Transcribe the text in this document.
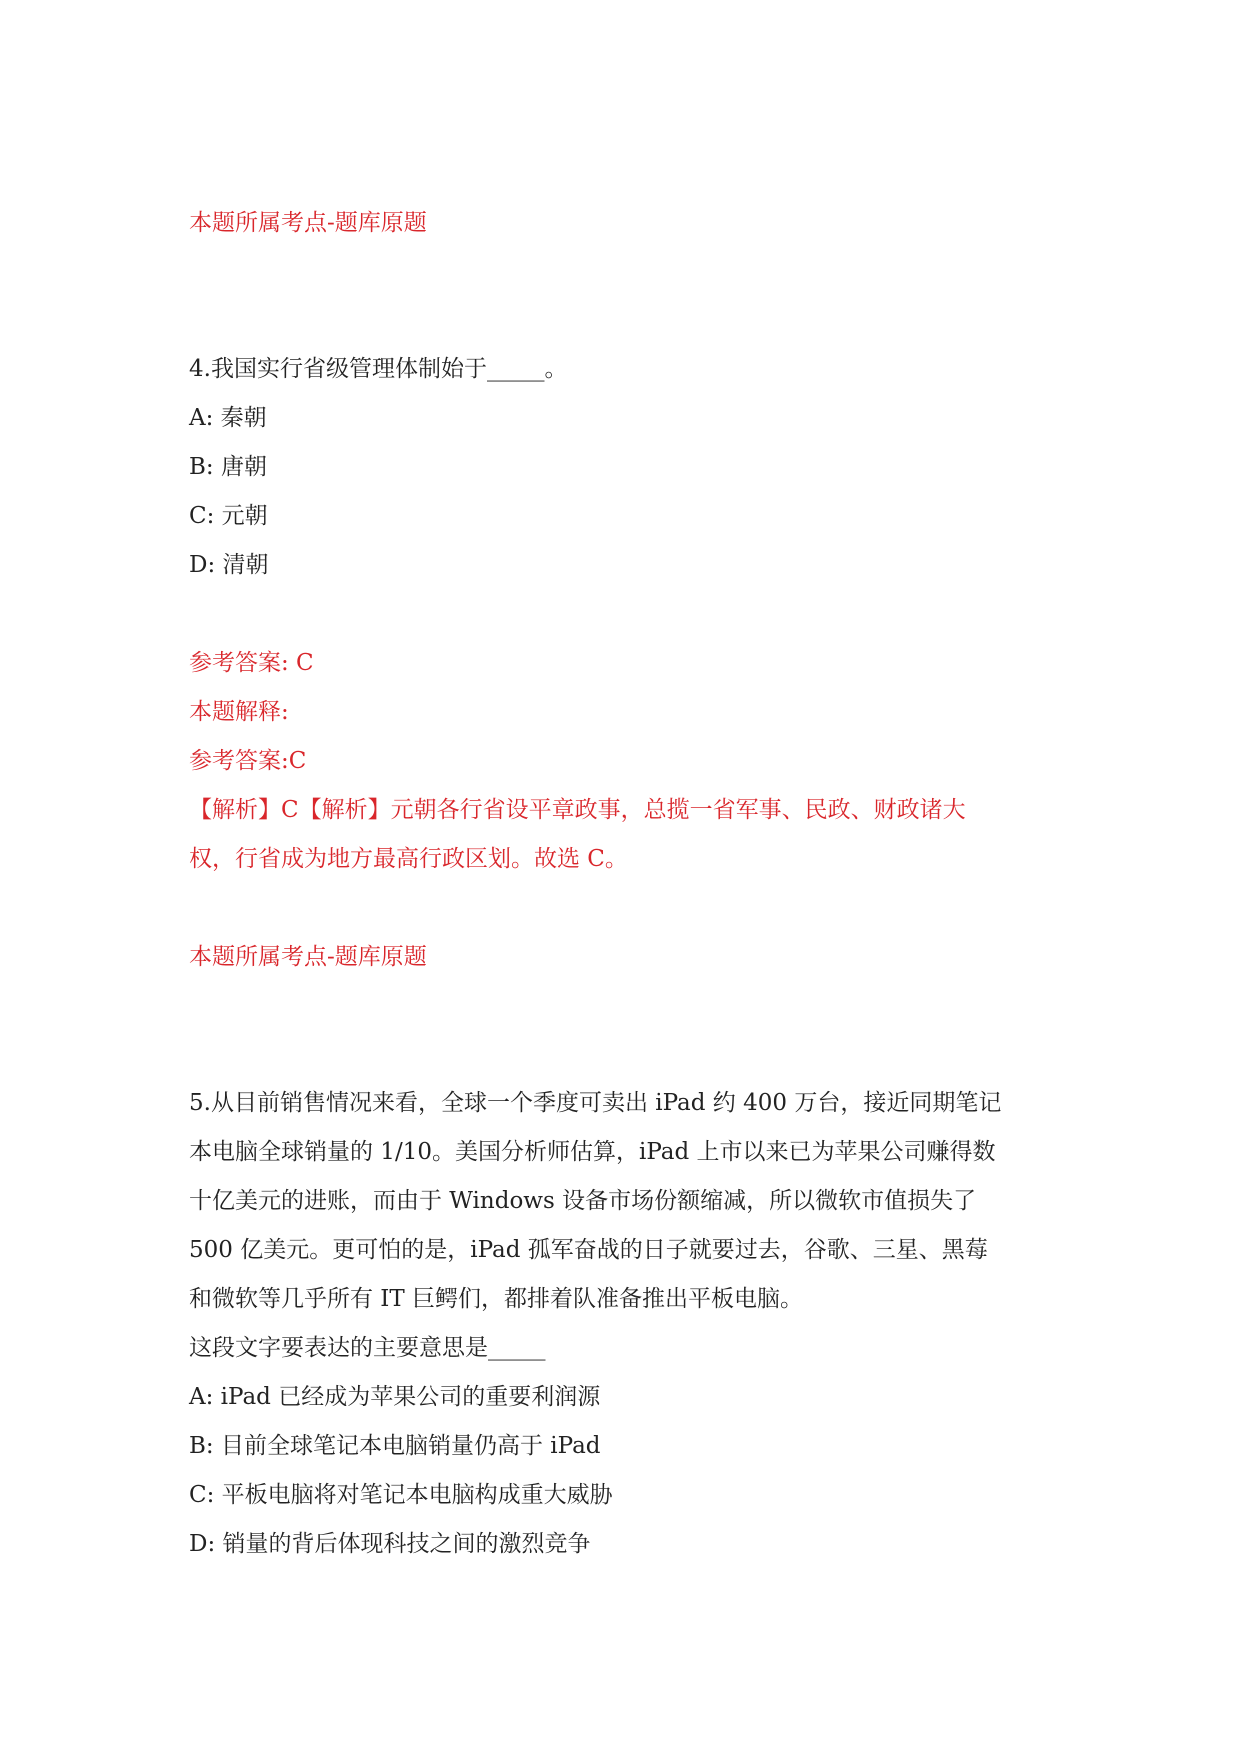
本题所属考点-题库原题
4.我国实行省级管理体制始于_____。
A: 秦朝
B: 唐朝
C: 元朝
D: 清朝
参考答案: C
本题解释:
参考答案:C
【解析】C【解析】元朝各行省设平章政事，总揽一省军事、民政、财政诸大
权，行省成为地方最高行政区划。故选 C。
本题所属考点-题库原题
5.从目前销售情况来看，全球一个季度可卖出 iPad 约 400 万台，接近同期笔记
本电脑全球销量的 1/10。美国分析师估算，iPad 上市以来已为苹果公司赚得数
十亿美元的进账，而由于 Windows 设备市场份额缩减，所以微软市值损失了
500 亿美元。更可怕的是，iPad 孤军奋战的日子就要过去，谷歌、三星、黑莓
和微软等几乎所有 IT 巨鳄们，都排着队准备推出平板电脑。
这段文字要表达的主要意思是_____
A: iPad 已经成为苹果公司的重要利润源
B: 目前全球笔记本电脑销量仍高于 iPad
C: 平板电脑将对笔记本电脑构成重大威胁
D: 销量的背后体现科技之间的激烈竞争
